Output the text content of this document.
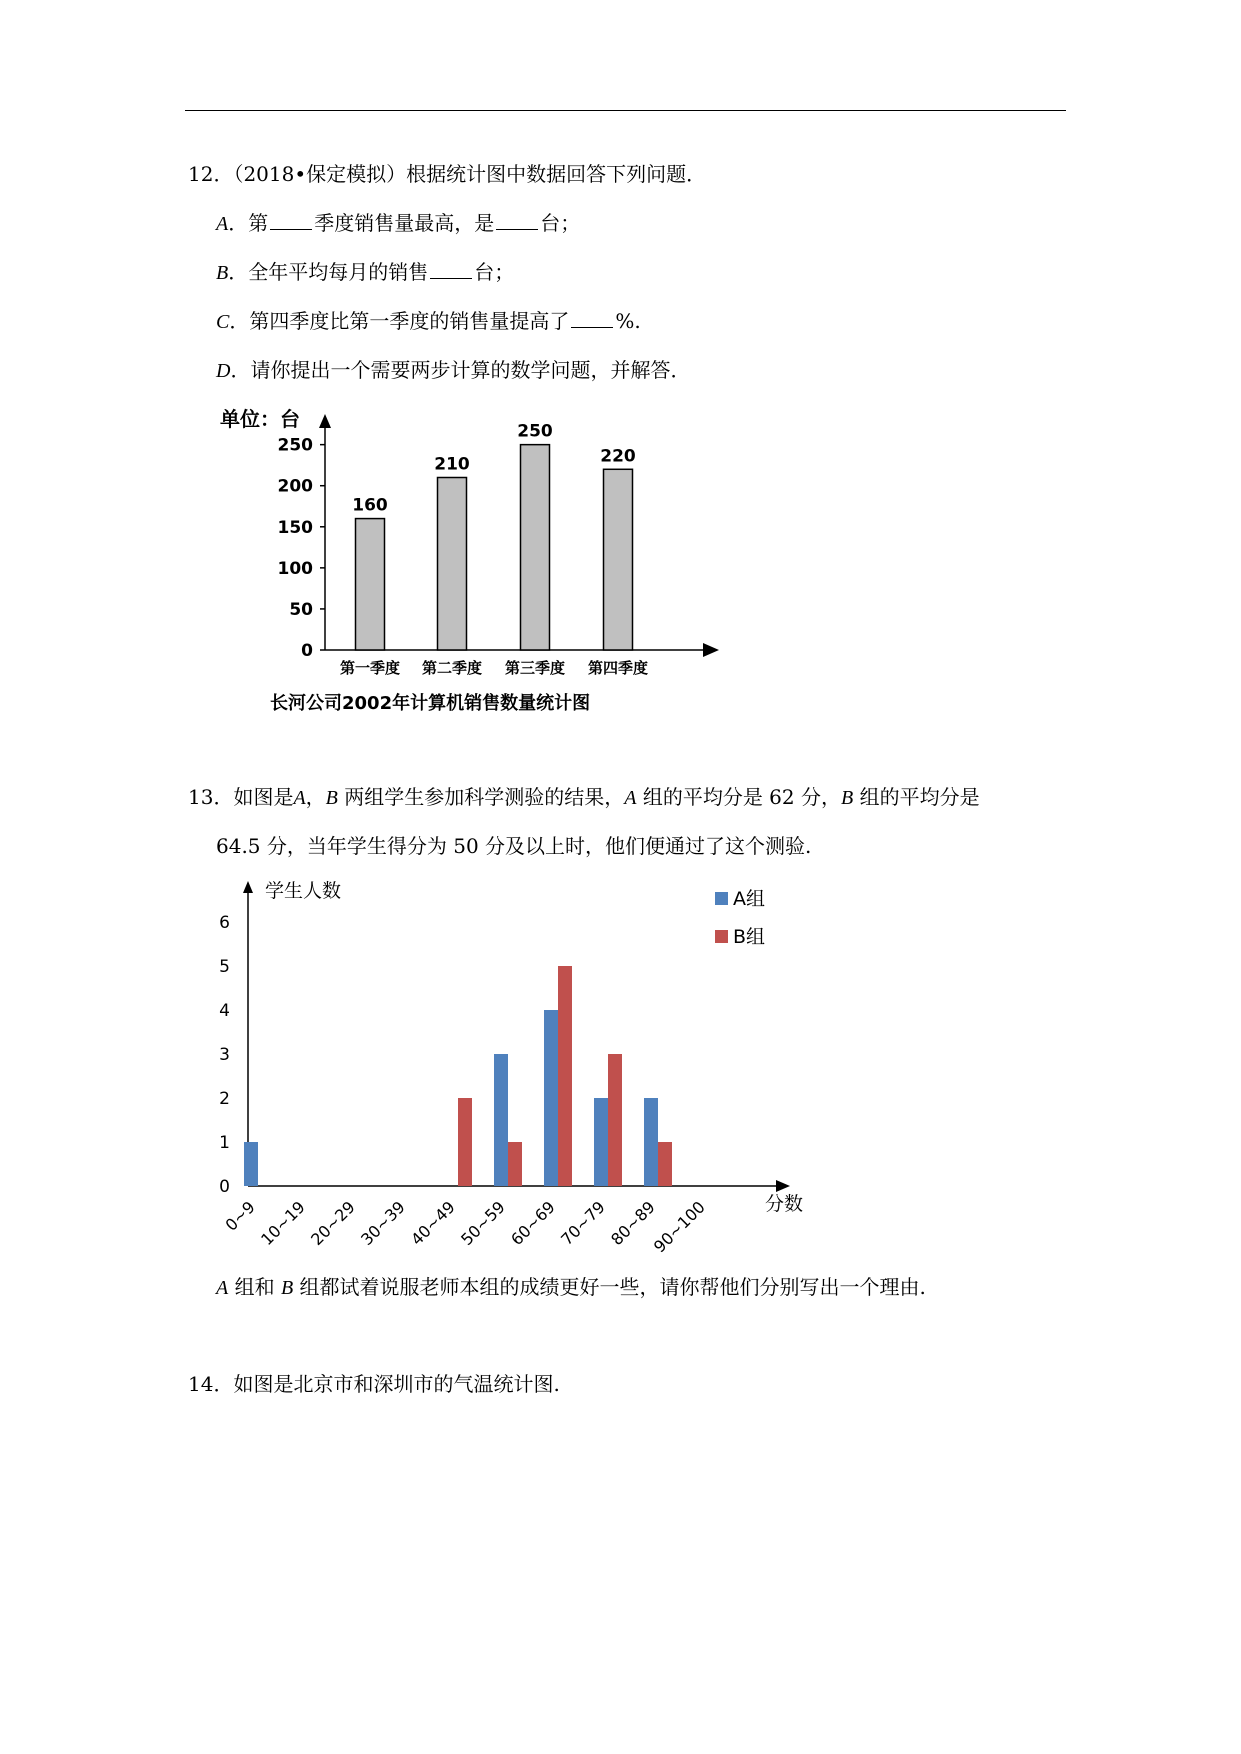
12．（2018•保定模拟）根据统计图中数据回答下列问题．
A．第 季度销售量最高，是 台；
B．全年平均每月的销售 台；
C．第四季度比第一季度的销售量提高了 %.
D．请你提出一个需要两步计算的数学问题，并解答．
单位：台
0
50
100
150
200
250
160
第一季度
210
第二季度
250
第三季度
220
第四季度
长河公司2002年计算机销售数量统计图
13．如图是A，B 两组学生参加科学测验的结果，A 组的平均分是 62 分，B 组的平均分是
64.5 分，当年学生得分为 50 分及以上时，他们便通过了这个测验.
学生人数
分数
0
1
2
3
4
5
6
0~9
10~19
20~29
30~39
40~49
50~59
60~69
70~79
80~89
90~100
A组
B组
A 组和 B 组都试着说服老师本组的成绩更好一些，请你帮他们分别写出一个理由.
14．如图是北京市和深圳市的气温统计图.
